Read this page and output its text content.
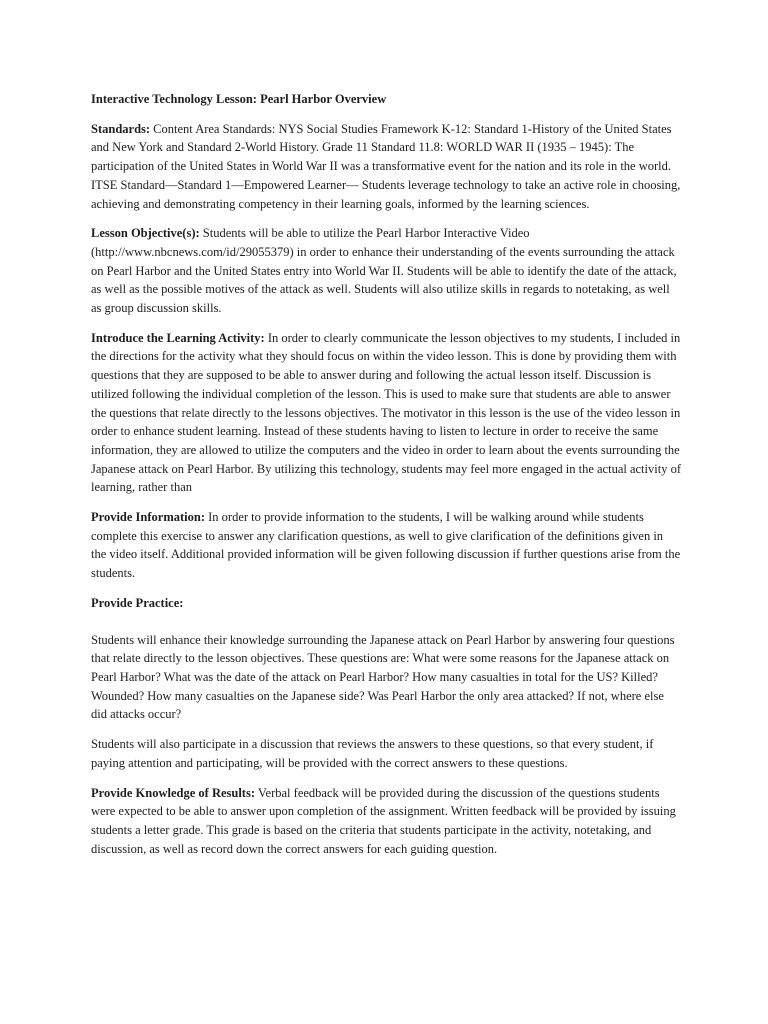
Interactive Technology Lesson: Pearl Harbor Overview

Standards: Content Area Standards: NYS Social Studies Framework K-12: Standard 1-History of the United States and New York and Standard 2-World History. Grade 11 Standard 11.8: WORLD WAR II (1935 – 1945): The participation of the United States in World War II was a transformative event for the nation and its role in the world. ITSE Standard—Standard 1—Empowered Learner— Students leverage technology to take an active role in choosing, achieving and demonstrating competency in their learning goals, informed by the learning sciences.

Lesson Objective(s): Students will be able to utilize the Pearl Harbor Interactive Video (http://www.nbcnews.com/id/29055379) in order to enhance their understanding of the events surrounding the attack on Pearl Harbor and the United States entry into World War II. Students will be able to identify the date of the attack, as well as the possible motives of the attack as well. Students will also utilize skills in regards to notetaking, as well as group discussion skills.

Introduce the Learning Activity: In order to clearly communicate the lesson objectives to my students, I included in the directions for the activity what they should focus on within the video lesson. This is done by providing them with questions that they are supposed to be able to answer during and following the actual lesson itself. Discussion is utilized following the individual completion of the lesson. This is used to make sure that students are able to answer the questions that relate directly to the lessons objectives. The motivator in this lesson is the use of the video lesson in order to enhance student learning. Instead of these students having to listen to lecture in order to receive the same information, they are allowed to utilize the computers and the video in order to learn about the events surrounding the Japanese attack on Pearl Harbor. By utilizing this technology, students may feel more engaged in the actual activity of learning, rather than

Provide Information: In order to provide information to the students, I will be walking around while students complete this exercise to answer any clarification questions, as well to give clarification of the definitions given in the video itself. Additional provided information will be given following discussion if further questions arise from the students.

Provide Practice:

Students will enhance their knowledge surrounding the Japanese attack on Pearl Harbor by answering four questions that relate directly to the lesson objectives. These questions are: What were some reasons for the Japanese attack on Pearl Harbor? What was the date of the attack on Pearl Harbor? How many casualties in total for the US? Killed? Wounded? How many casualties on the Japanese side? Was Pearl Harbor the only area attacked? If not, where else did attacks occur?

Students will also participate in a discussion that reviews the answers to these questions, so that every student, if paying attention and participating, will be provided with the correct answers to these questions.

Provide Knowledge of Results: Verbal feedback will be provided during the discussion of the questions students were expected to be able to answer upon completion of the assignment. Written feedback will be provided by issuing students a letter grade. This grade is based on the criteria that students participate in the activity, notetaking, and discussion, as well as record down the correct answers for each guiding question.
